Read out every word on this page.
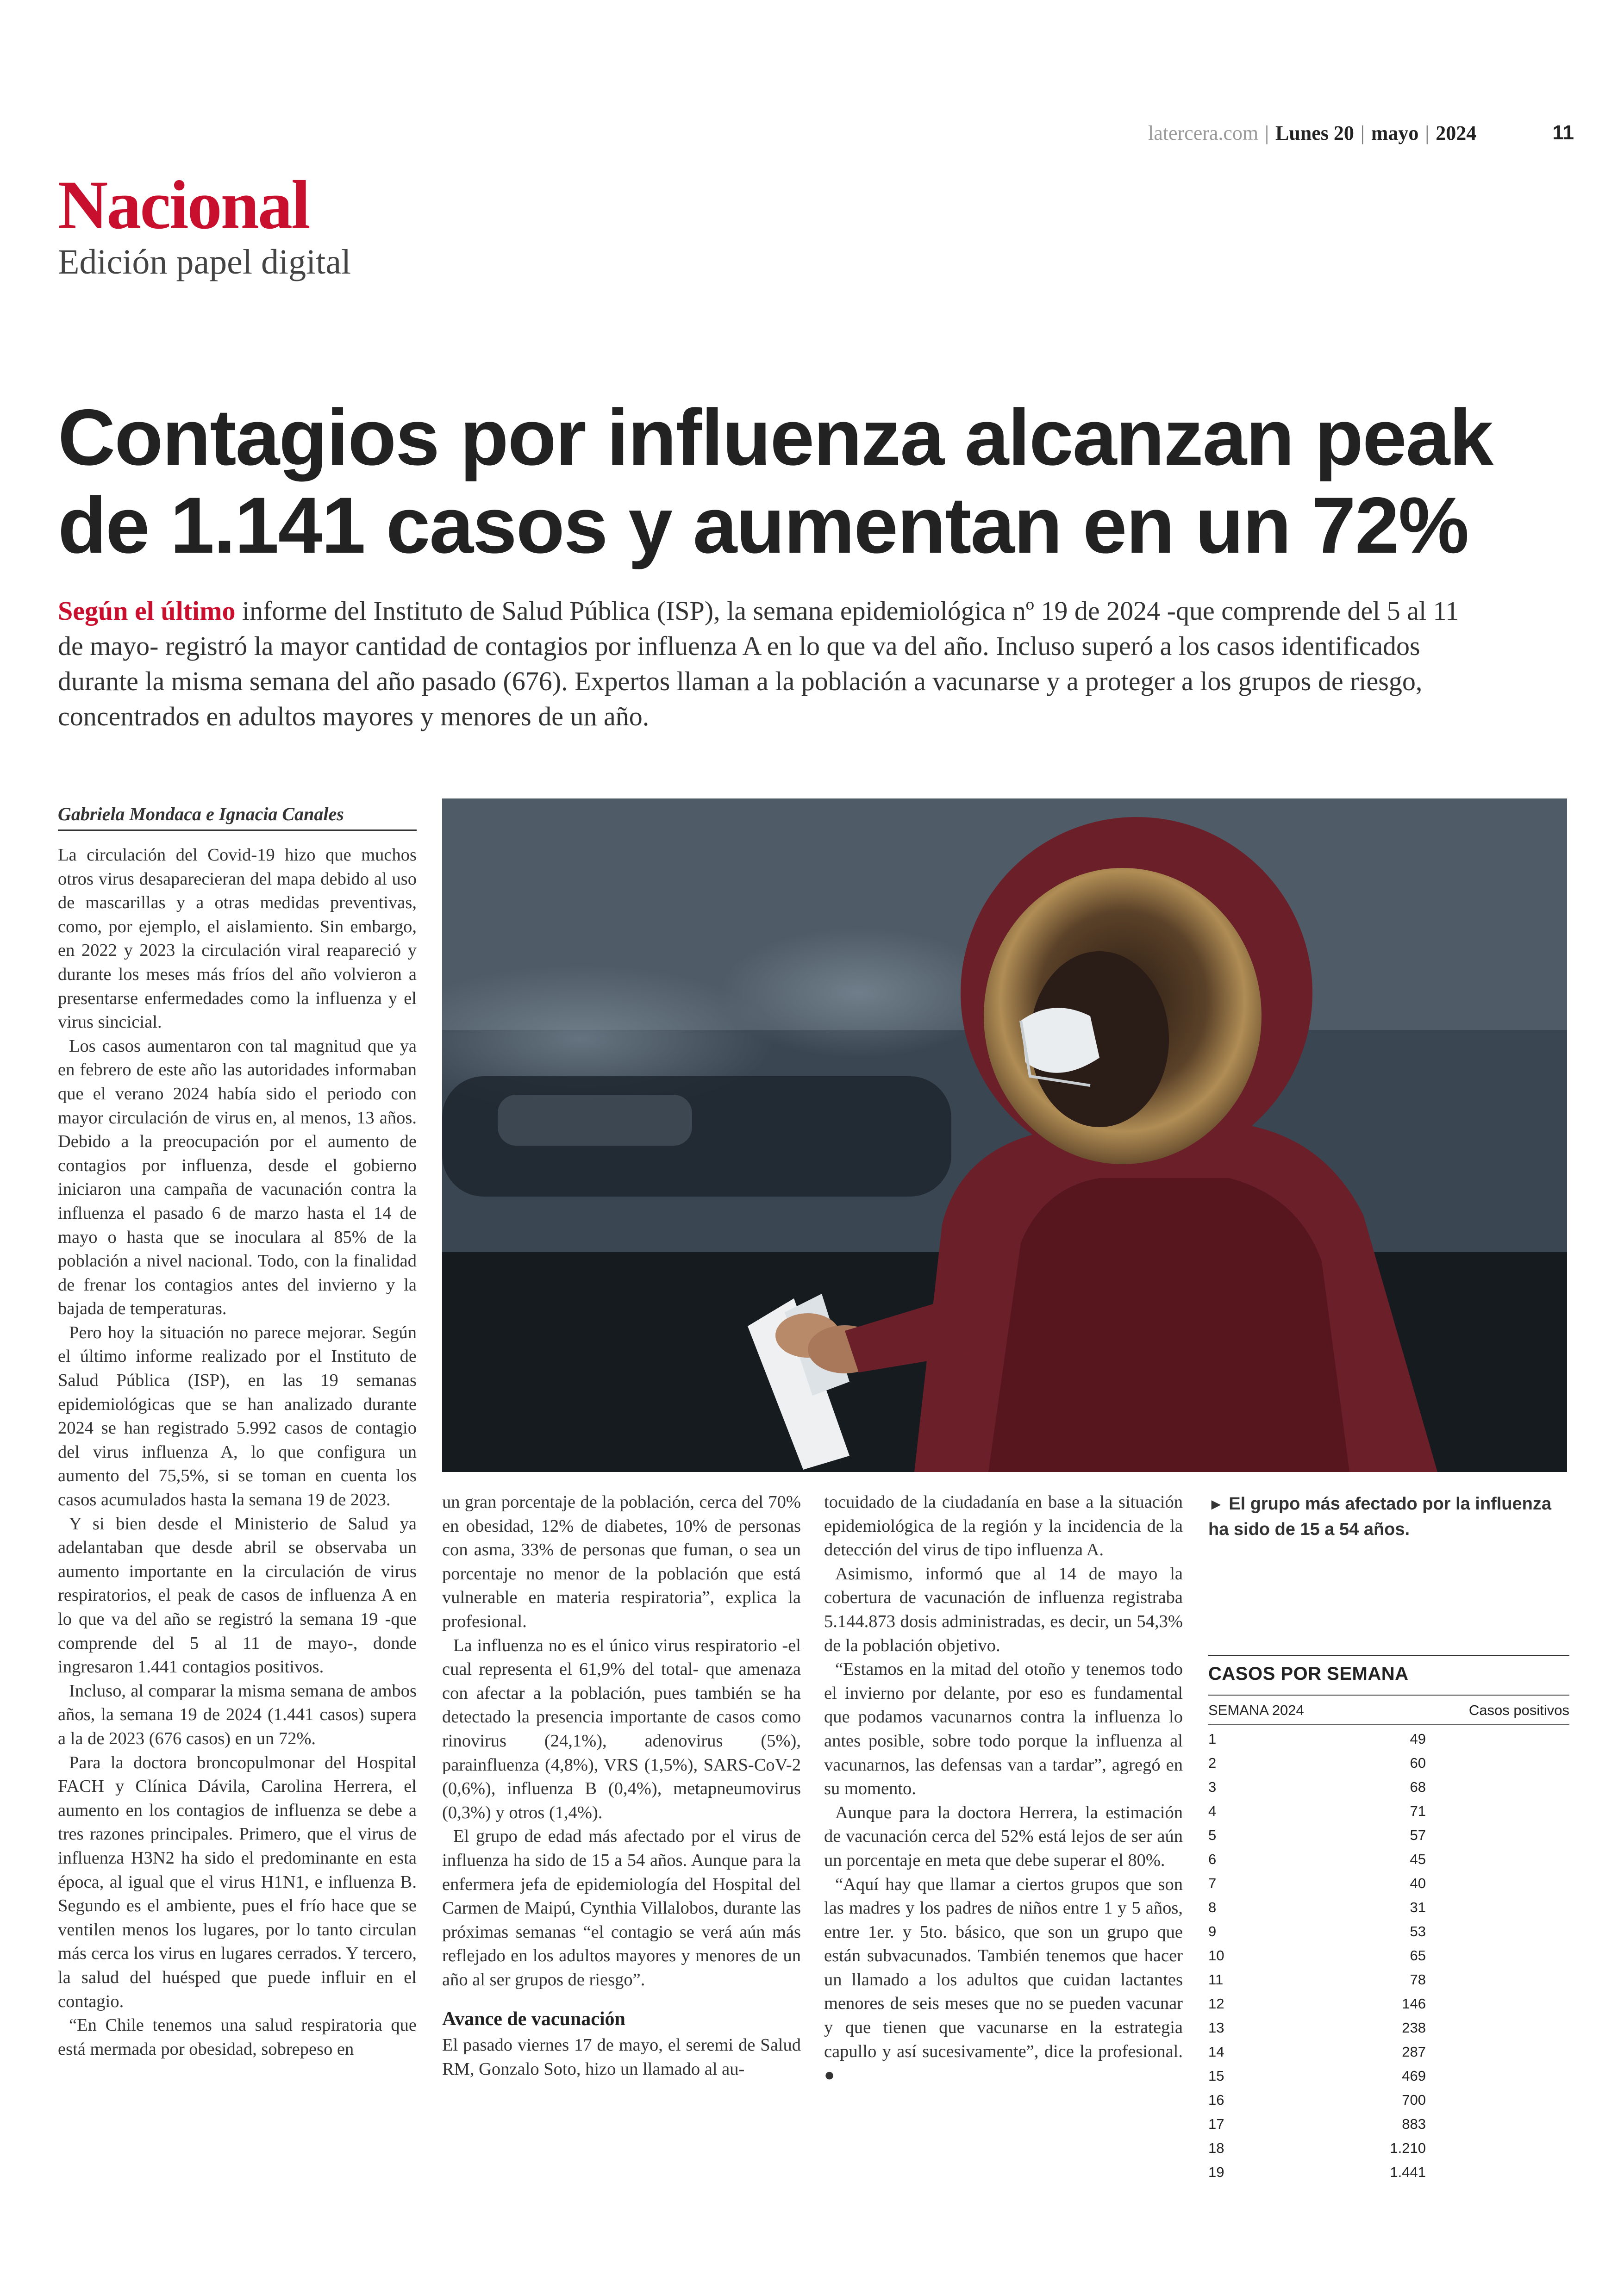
latercera.com | Lunes 20 | mayo | 2024	11
Nacional
Edición papel digital
Contagios por influenza alcanzan peak
de 1.141 casos y aumentan en un 72%
Según el último informe del Instituto de Salud Pública (ISP), la semana epidemiológica nº 19 de 2024 -que comprende del 5 al 11 de mayo- registró la mayor cantidad de contagios por influenza A en lo que va del año. Incluso superó a los casos identificados durante la misma semana del año pasado (676). Expertos llaman a la población a vacunarse y a proteger a los grupos de riesgo, concentrados en adultos mayores y menores de un año.
Gabriela Mondaca e Ignacia Canales

La circulación del Covid-19 hizo que muchos otros virus desaparecieran del mapa debido al uso de mascarillas y a otras medidas preventivas, como, por ejemplo, el aislamiento. Sin embargo, en 2022 y 2023 la circulación viral reapareció y durante los meses más fríos del año volvieron a presentarse enfermedades como la influenza y el virus sincicial.

Los casos aumentaron con tal magnitud que ya en febrero de este año las autoridades informaban que el verano 2024 había sido el periodo con mayor circulación de virus en, al menos, 13 años. Debido a la preocupación por el aumento de contagios por influenza, desde el gobierno iniciaron una campaña de vacunación contra la influenza el pasado 6 de marzo hasta el 14 de mayo o hasta que se inoculara al 85% de la población a nivel nacional. Todo, con la finalidad de frenar los contagios antes del invierno y la bajada de temperaturas.

Pero hoy la situación no parece mejorar. Según el último informe realizado por el Instituto de Salud Pública (ISP), en las 19 semanas epidemiológicas que se han analizado durante 2024 se han registrado 5.992 casos de contagio del virus influenza A, lo que configura un aumento del 75,5%, si se toman en cuenta los casos acumulados hasta la semana 19 de 2023.

Y si bien desde el Ministerio de Salud ya adelantaban que desde abril se observaba un aumento importante en la circulación de virus respiratorios, el peak de casos de influenza A en lo que va del año se registró la semana 19 -que comprende del 5 al 11 de mayo-, donde ingresaron 1.441 contagios positivos.

Incluso, al comparar la misma semana de ambos años, la semana 19 de 2024 (1.441 casos) supera a la de 2023 (676 casos) en un 72%.

Para la doctora broncopulmonar del Hospital FACH y Clínica Dávila, Carolina Herrera, el aumento en los contagios de influenza se debe a tres razones principales. Primero, que el virus de influenza H3N2 ha sido el predominante en esta época, al igual que el virus H1N1, e influenza B. Segundo es el ambiente, pues el frío hace que se ventilen menos los lugares, por lo tanto circulan más cerca los virus en lugares cerrados. Y tercero, la salud del huésped que puede influir en el contagio.

“En Chile tenemos una salud respiratoria que está mermada por obesidad, sobrepeso en

un gran porcentaje de la población, cerca del 70% en obesidad, 12% de diabetes, 10% de personas con asma, 33% de personas que fuman, o sea un porcentaje no menor de la población que está vulnerable en materia respiratoria”, explica la profesional.

La influenza no es el único virus respiratorio -el cual representa el 61,9% del total- que amenaza con afectar a la población, pues también se ha detectado la presencia importante de casos como rinovirus (24,1%), adenovirus (5%), parainfluenza (4,8%), VRS (1,5%), SARS-CoV-2 (0,6%), influenza B (0,4%), metapneumovirus (0,3%) y otros (1,4%).

El grupo de edad más afectado por el virus de influenza ha sido de 15 a 54 años. Aunque para la enfermera jefa de epidemiología del Hospital del Carmen de Maipú, Cynthia Villalobos, durante las próximas semanas “el contagio se verá aún más reflejado en los adultos mayores y menores de un año al ser grupos de riesgo”.

Avance de vacunación

El pasado viernes 17 de mayo, el seremi de Salud RM, Gonzalo Soto, hizo un llamado al au-

tocuidado de la ciudadanía en base a la situación epidemiológica de la región y la incidencia de la detección del virus de tipo influenza A.

Asimismo, informó que al 14 de mayo la cobertura de vacunación de influenza registraba 5.144.873 dosis administradas, es decir, un 54,3% de la población objetivo.

“Estamos en la mitad del otoño y tenemos todo el invierno por delante, por eso es fundamental que podamos vacunarnos contra la influenza lo antes posible, sobre todo porque la influenza al vacunarnos, las defensas van a tardar”, agregó en su momento.

Aunque para la doctora Herrera, la estimación de vacunación cerca del 52% está lejos de ser aún un porcentaje en meta que debe superar el 80%.

“Aquí hay que llamar a ciertos grupos que son las madres y los padres de niños entre 1 y 5 años, entre 1er. y 5to. básico, que son un grupo que están subvacunados. También tenemos que hacer un llamado a los adultos que cuidan lactantes menores de seis meses que no se pueden vacunar y que tienen que vacunarse en la estrategia capullo y así sucesivamente”, dice la profesional. ●

► El grupo más afectado por la influenza ha sido de 15 a 54 años.
CASOS POR SEMANA
SEMANA 2024	Casos positivos
1	49
2	60
3	68
4	71
5	57
6	45
7	40
8	31
9	53
10	65
11	78
12	146
13	238
14	287
15	469
16	700
17	883
18	1.210
19	1.441
